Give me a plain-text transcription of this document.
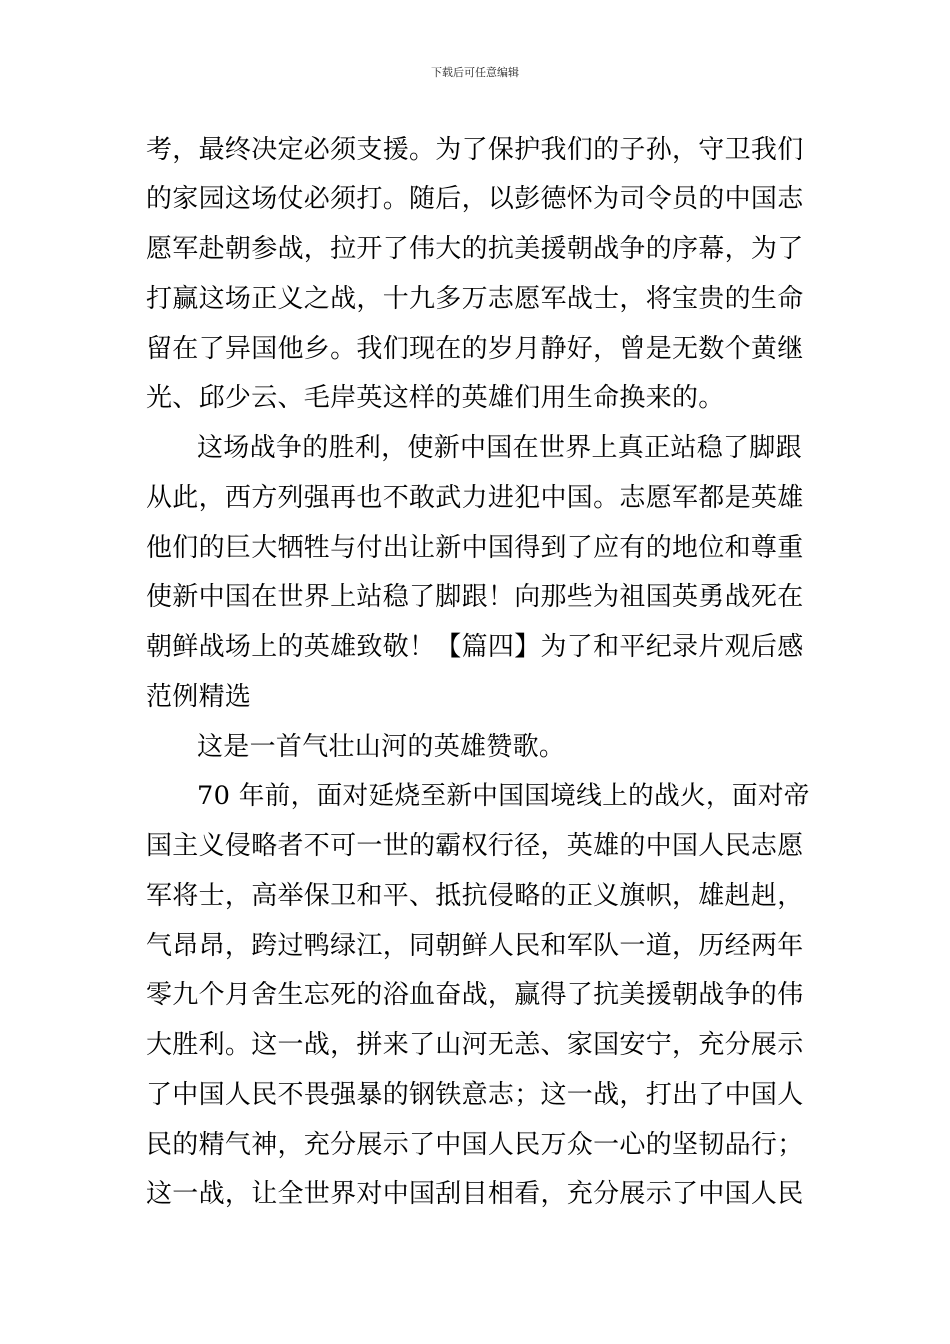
下载后可任意编辑
考，最终决定必须支援。为了保护我们的子孙，守卫我们
的家园这场仗必须打。随后，以彭德怀为司令员的中国志
愿军赴朝参战，拉开了伟大的抗美援朝战争的序幕，为了
打赢这场正义之战，十九多万志愿军战士，将宝贵的生命
留在了异国他乡。我们现在的岁月静好，曾是无数个黄继
光、邱少云、毛岸英这样的英雄们用生命换来的。
这场战争的胜利，使新中国在世界上真正站稳了脚跟
从此，西方列强再也不敢武力进犯中国。志愿军都是英雄
他们的巨大牺牲与付出让新中国得到了应有的地位和尊重
使新中国在世界上站稳了脚跟！向那些为祖国英勇战死在
朝鲜战场上的英雄致敬！【篇四】为了和平纪录片观后感
范例精选
这是一首气壮山河的英雄赞歌。
70 年前，面对延烧至新中国国境线上的战火，面对帝
国主义侵略者不可一世的霸权行径，英雄的中国人民志愿
军将士，高举保卫和平、抵抗侵略的正义旗帜，雄赳赳，
气昂昂，跨过鸭绿江，同朝鲜人民和军队一道，历经两年
零九个月舍生忘死的浴血奋战，赢得了抗美援朝战争的伟
大胜利。这一战，拼来了山河无恙、家国安宁，充分展示
了中国人民不畏强暴的钢铁意志；这一战，打出了中国人
民的精气神，充分展示了中国人民万众一心的坚韧品行；
这一战，让全世界对中国刮目相看，充分展示了中国人民
